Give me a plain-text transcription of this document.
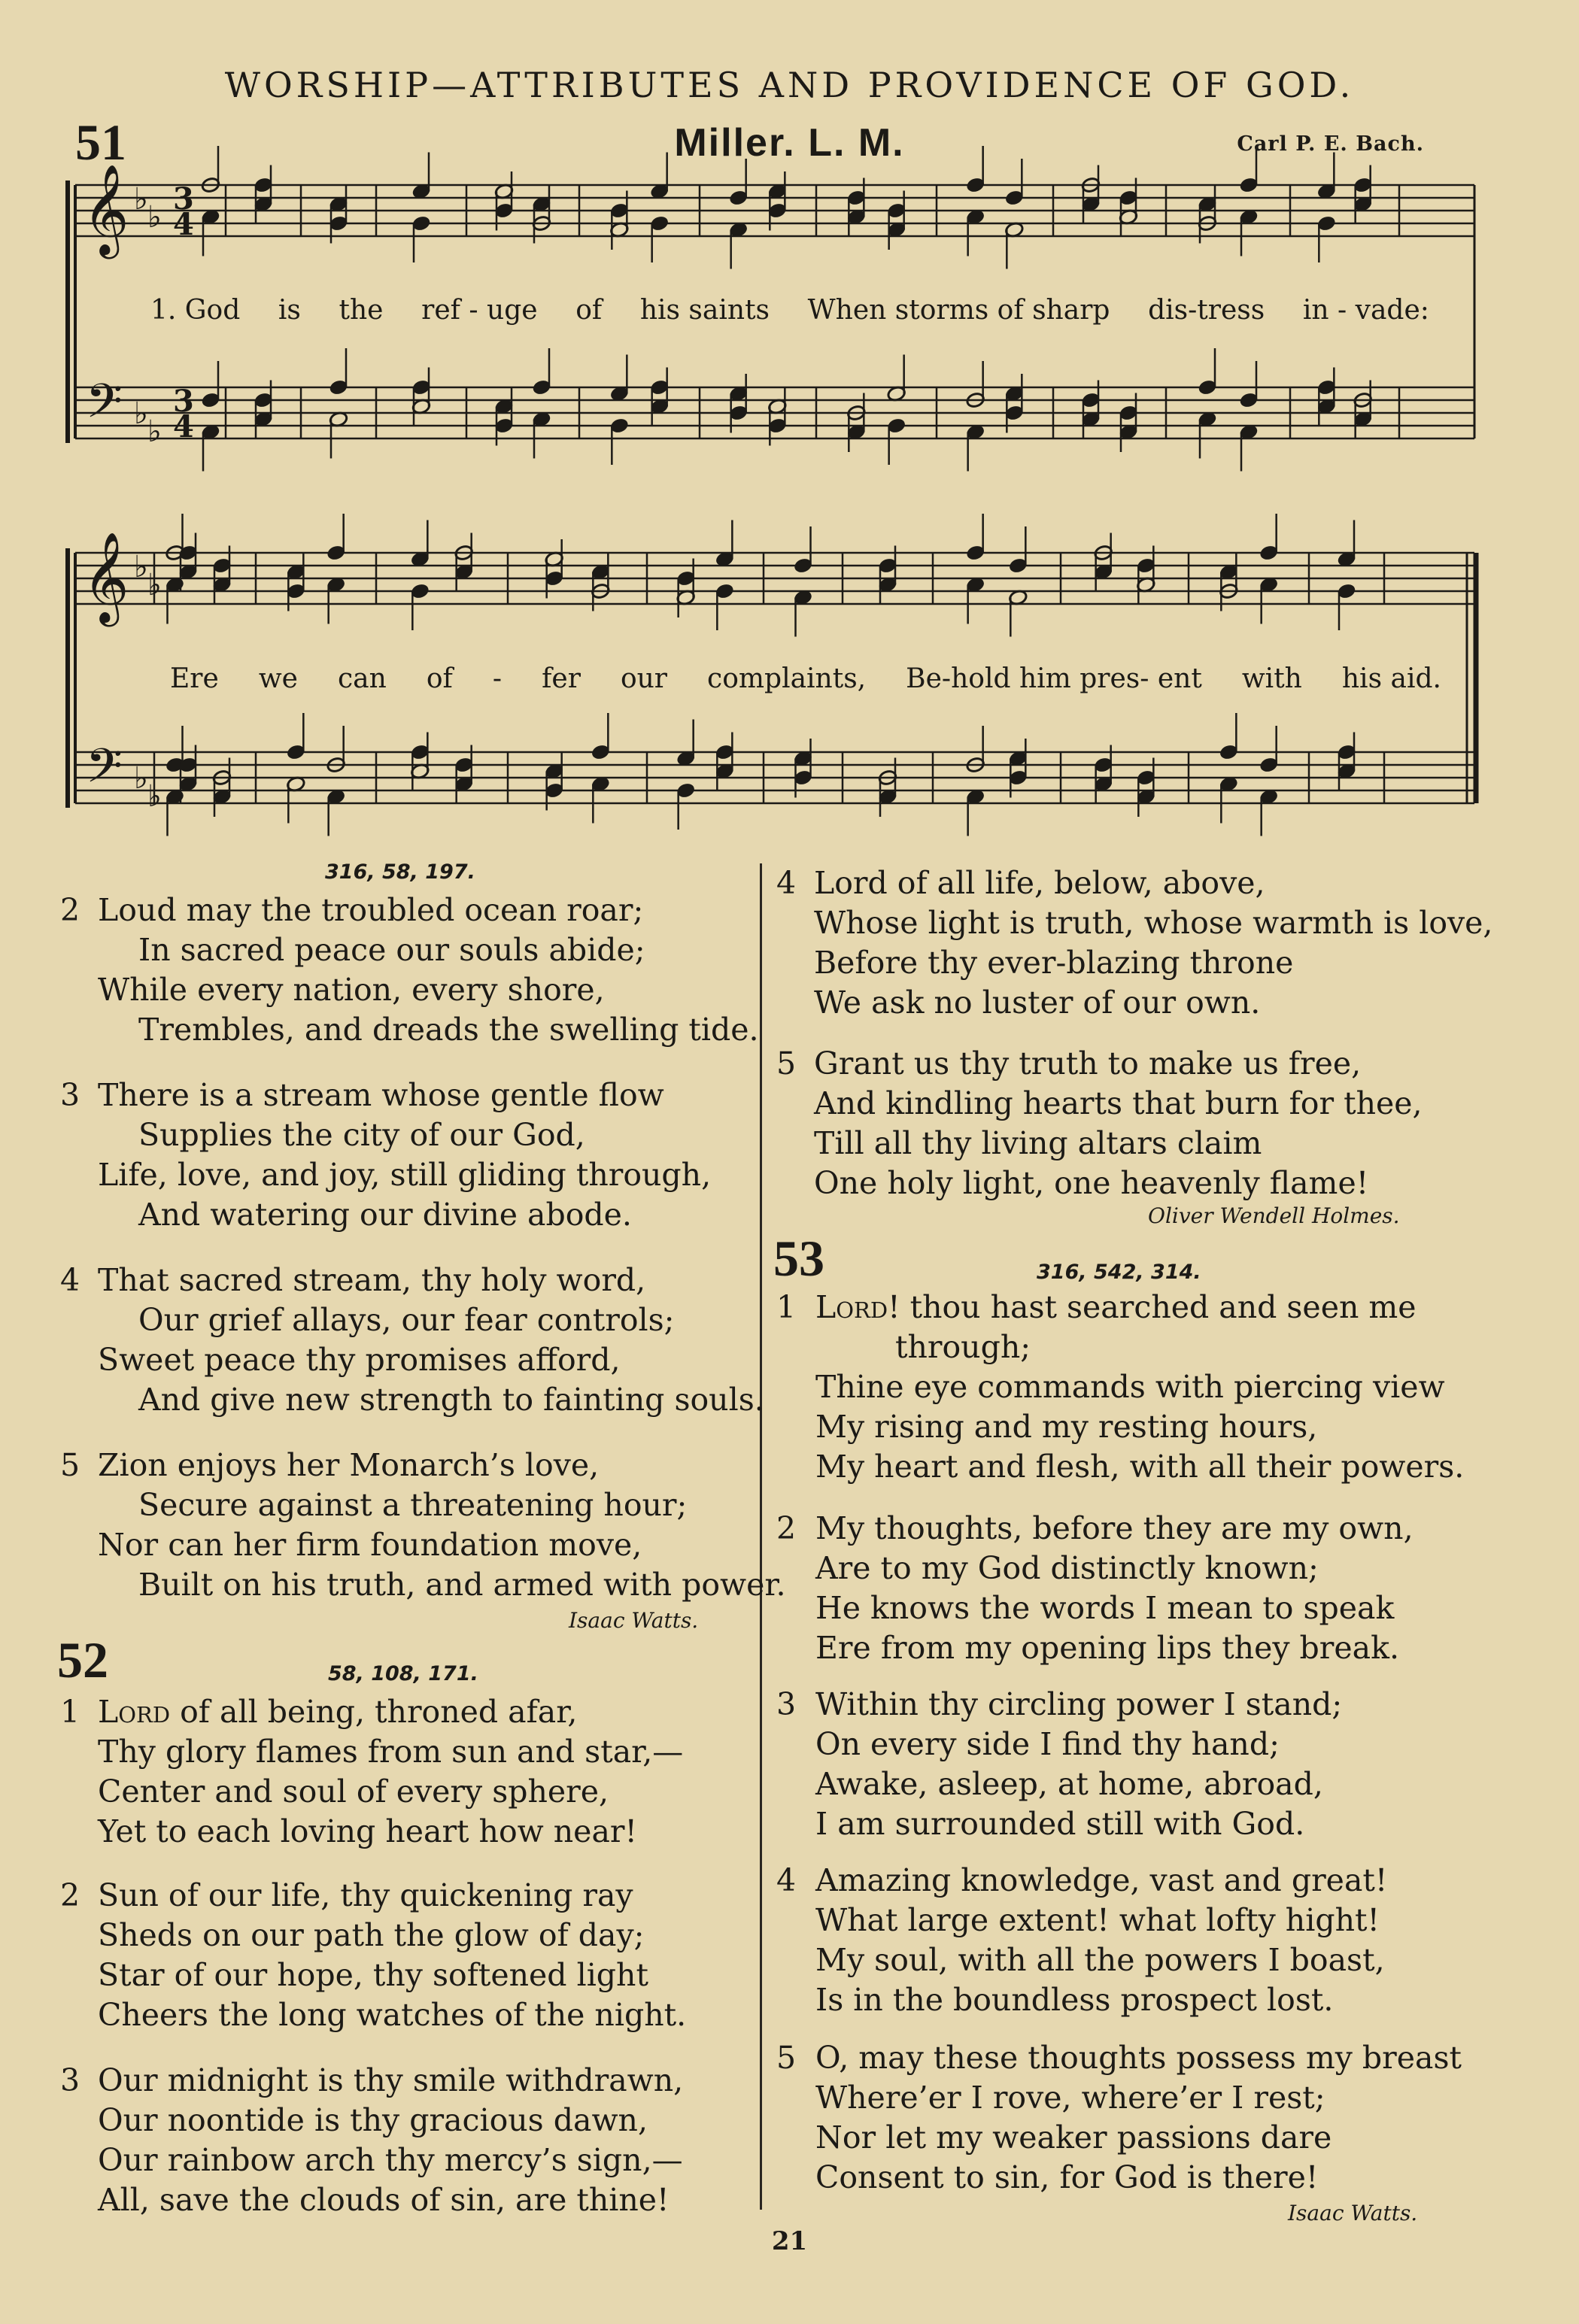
WORSHIP—ATTRIBUTES AND PROVIDENCE OF GOD.
51	Miller. L. M.	Carl P. E. Bach.
𝄞
𝄢
♭
♭
♭
♭
3
3
4
4
𝄞
𝄢
♭
♭
♭
♭
1. God is the ref - uge of his saints When storms of sharp dis-tress in - vade:
Ere we can of - fer our complaints, Be-hold him pres- ent with his aid.
316, 58, 197.
2 Loud may the troubled ocean roar;
In sacred peace our souls abide;
While every nation, every shore,
Trembles, and dreads the swelling tide.
3 There is a stream whose gentle flow
Supplies the city of our God,
Life, love, and joy, still gliding through,
And watering our divine abode.
4 That sacred stream, thy holy word,
Our grief allays, our fear controls;
Sweet peace thy promises afford,
And give new strength to fainting souls.
5 Zion enjoys her Monarch’s love,
Secure against a threatening hour;
Nor can her firm foundation move,
Built on his truth, and armed with power.
Isaac Watts.
52	58, 108, 171.
1 Lord of all being, throned afar,
Thy glory flames from sun and star,—
Center and soul of every sphere,
Yet to each loving heart how near!
2 Sun of our life, thy quickening ray
Sheds on our path the glow of day;
Star of our hope, thy softened light
Cheers the long watches of the night.
3 Our midnight is thy smile withdrawn,
Our noontide is thy gracious dawn,
Our rainbow arch thy mercy’s sign,—
All, save the clouds of sin, are thine!
4 Lord of all life, below, above,
Whose light is truth, whose warmth is love,
Before thy ever-blazing throne
We ask no luster of our own.
5 Grant us thy truth to make us free,
And kindling hearts that burn for thee,
Till all thy living altars claim
One holy light, one heavenly flame!
Oliver Wendell Holmes.
53	316, 542, 314.
1 Lord! thou hast searched and seen me
through;
Thine eye commands with piercing view
My rising and my resting hours,
My heart and flesh, with all their powers.
2 My thoughts, before they are my own,
Are to my God distinctly known;
He knows the words I mean to speak
Ere from my opening lips they break.
3 Within thy circling power I stand;
On every side I find thy hand;
Awake, asleep, at home, abroad,
I am surrounded still with God.
4 Amazing knowledge, vast and great!
What large extent! what lofty hight!
My soul, with all the powers I boast,
Is in the boundless prospect lost.
5 O, may these thoughts possess my breast
Where’er I rove, where’er I rest;
Nor let my weaker passions dare
Consent to sin, for God is there!
Isaac Watts.
21
